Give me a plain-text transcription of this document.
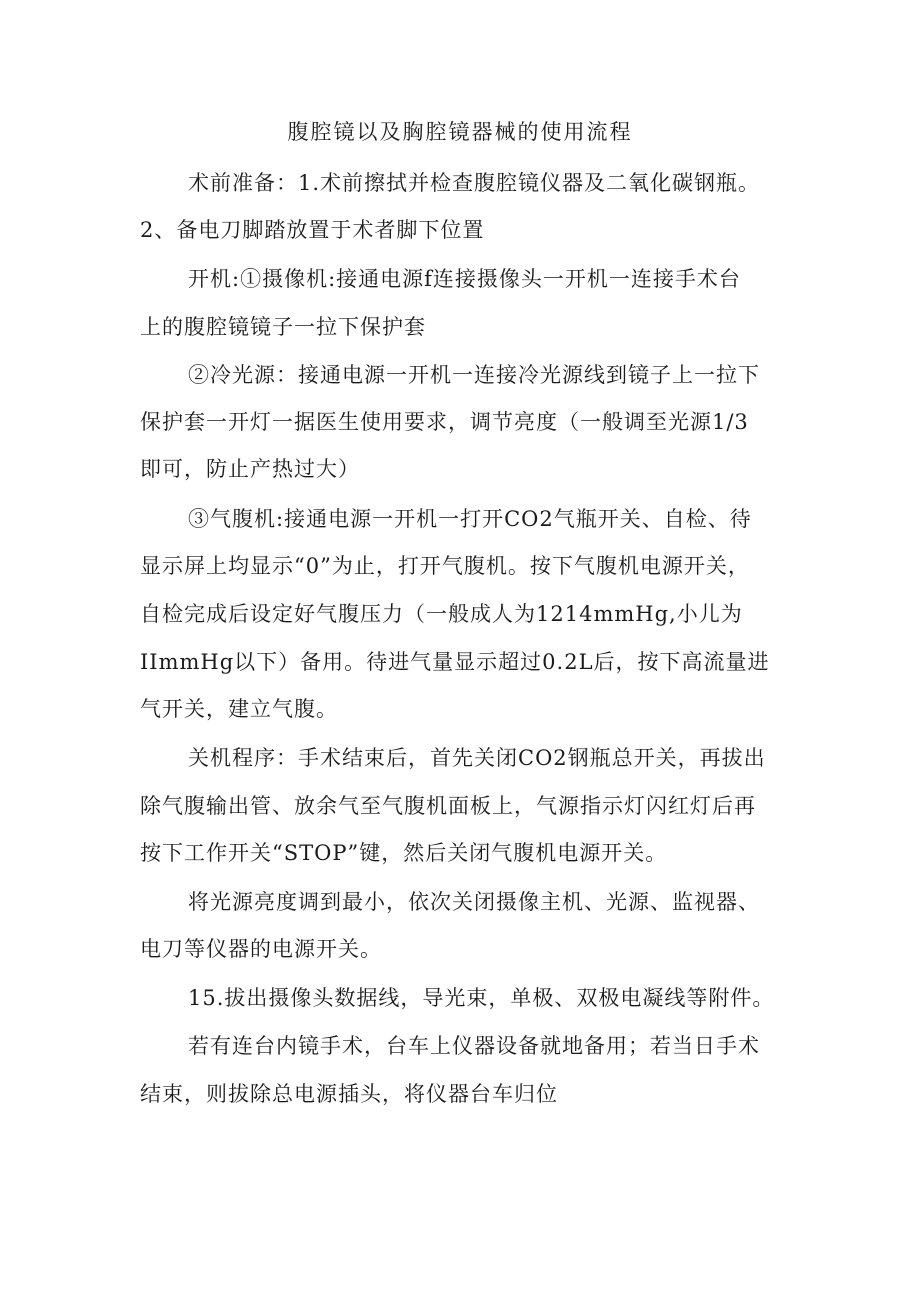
腹腔镜以及胸腔镜器械的使用流程
术前准备：1.术前擦拭并检查腹腔镜仪器及二氧化碳钢瓶。
2、备电刀脚踏放置于术者脚下位置
开机:①摄像机:接通电源f连接摄像头一开机一连接手术台
上的腹腔镜镜子一拉下保护套
②冷光源：接通电源一开机一连接冷光源线到镜子上一拉下
保护套一开灯一据医生使用要求，调节亮度（一般调至光源1/3
即可，防止产热过大）
③气腹机:接通电源一开机一打开CO2气瓶开关、自检、待
显示屏上均显示“0”为止，打开气腹机。按下气腹机电源开关，
自检完成后设定好气腹压力（一般成人为1214mmHg,小儿为
IImmHg以下）备用。待进气量显示超过0.2L后，按下高流量进
气开关，建立气腹。
关机程序：手术结束后，首先关闭CO2钢瓶总开关，再拔出
除气腹输出管、放余气至气腹机面板上，气源指示灯闪红灯后再
按下工作开关“STOP”键，然后关闭气腹机电源开关。
将光源亮度调到最小，依次关闭摄像主机、光源、监视器、
电刀等仪器的电源开关。
15.拔出摄像头数据线，导光束，单极、双极电凝线等附件。
若有连台内镜手术，台车上仪器设备就地备用；若当日手术
结束，则拔除总电源插头，将仪器台车归位
